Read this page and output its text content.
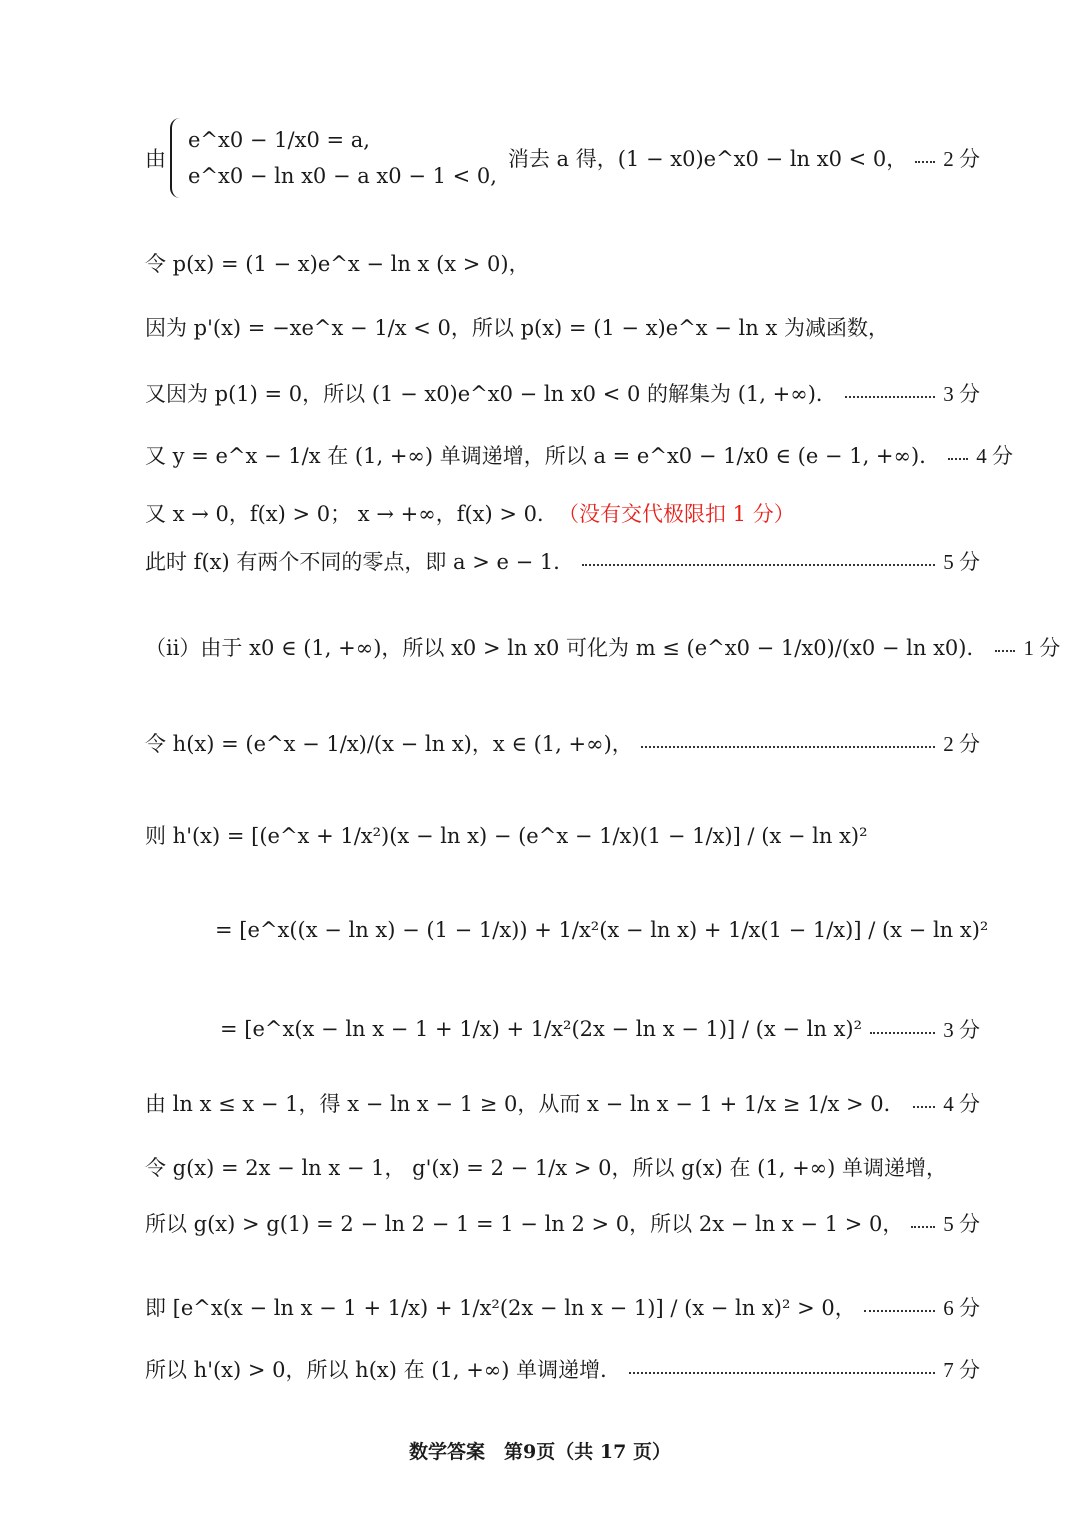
由
e^x0 − 1/x0 = a,
e^x0 − ln x0 − a x0 − 1 < 0,
消去 a 得，(1 − x0)e^x0 − ln x0 < 0， 2 分
令 p(x) = (1 − x)e^x − ln x (x > 0)，
因为 p'(x) = −xe^x − 1/x < 0，所以 p(x) = (1 − x)e^x − ln x 为减函数，
又因为 p(1) = 0，所以 (1 − x0)e^x0 − ln x0 < 0 的解集为 (1, +∞)．	3 分
又 y = e^x − 1/x 在 (1, +∞) 单调递增，所以 a = e^x0 − 1/x0 ∈ (e − 1, +∞)． 4 分
又 x → 0，f(x) > 0； x → +∞，f(x) > 0． （没有交代极限扣 1 分）
此时 f(x) 有两个不同的零点，即 a > e − 1．	5 分
（ii）由于 x0 ∈ (1, +∞)，所以 x0 > ln x0 可化为 m ≤ (e^x0 − 1/x0)/(x0 − ln x0)． 1 分
令 h(x) = (e^x − 1/x)/(x − ln x)，x ∈ (1, +∞)，	2 分
则 h'(x) = [(e^x + 1/x²)(x − ln x) − (e^x − 1/x)(1 − 1/x)] / (x − ln x)²
= [e^x((x − ln x) − (1 − 1/x)) + 1/x²(x − ln x) + 1/x(1 − 1/x)] / (x − ln x)²
= [e^x(x − ln x − 1 + 1/x) + 1/x²(2x − ln x − 1)] / (x − ln x)²	3 分
由 ln x ≤ x − 1，得 x − ln x − 1 ≥ 0，从而 x − ln x − 1 + 1/x ≥ 1/x > 0． 4 分
令 g(x) = 2x − ln x − 1， g'(x) = 2 − 1/x > 0，所以 g(x) 在 (1, +∞) 单调递增，
所以 g(x) > g(1) = 2 − ln 2 − 1 = 1 − ln 2 > 0，所以 2x − ln x − 1 > 0， 5 分
即 [e^x(x − ln x − 1 + 1/x) + 1/x²(2x − ln x − 1)] / (x − ln x)² > 0，	6 分
所以 h'(x) > 0，所以 h(x) 在 (1, +∞) 单调递增．	7 分
数学答案　第9页（共 17 页）
